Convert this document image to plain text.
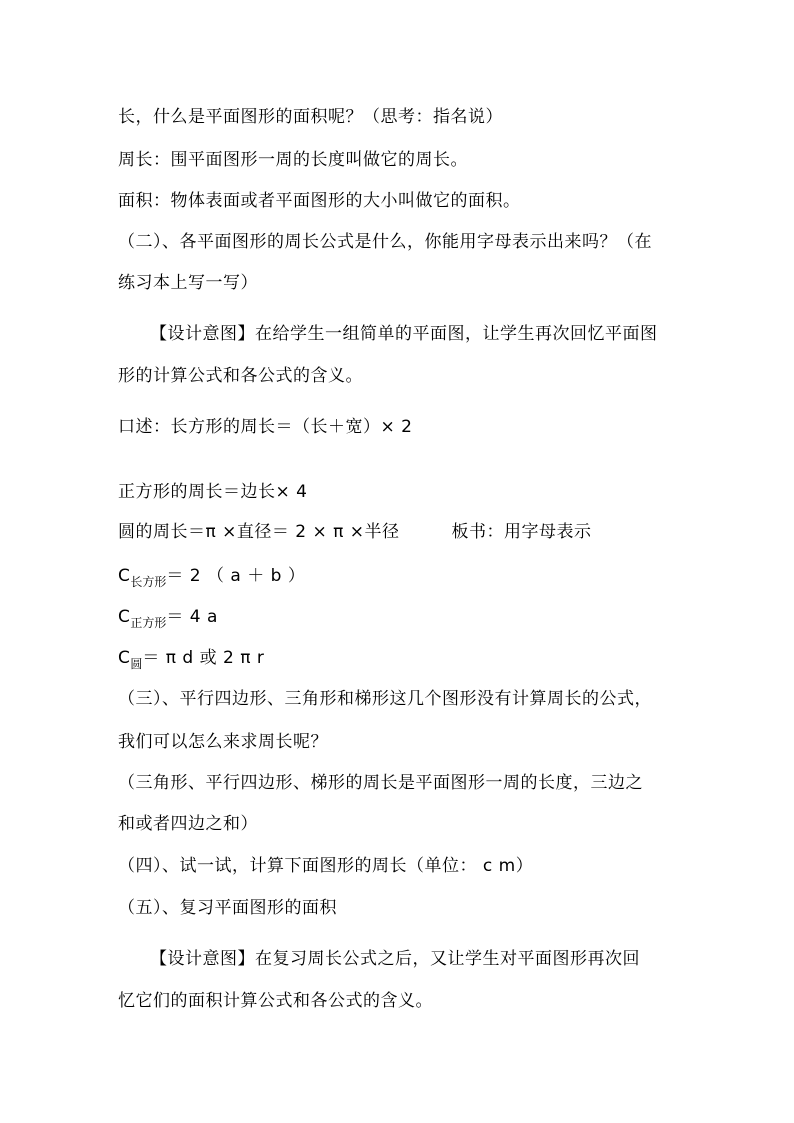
长，什么是平面图形的面积呢？（思考：指名说）
周长：围平面图形一周的长度叫做它的周长。
面积：物体表面或者平面图形的大小叫做它的面积。
（二）、各平面图形的周长公式是什么，你能用字母表示出来吗？（在
练习本上写一写）
【设计意图】在给学生一组简单的平面图，让学生再次回忆平面图
形的计算公式和各公式的含义。
口述：长方形的周长＝（长＋宽）× 2
正方形的周长＝边长× 4
圆的周长＝π ×直径＝ 2 × π ×半径	板书：用字母表示
$C_{长方形}= 2$ （ a ＋ b ）
$C_{正方形}= 4$ a
$C_圆= \pi$ d 或 2 π r
（三）、平行四边形、三角形和梯形这几个图形没有计算周长的公式，
我们可以怎么来求周长呢？
（三角形、平行四边形、梯形的周长是平面图形一周的长度，三边之
和或者四边之和）
（四）、试一试，计算下面图形的周长（单位： c m）
（五）、复习平面图形的面积
【设计意图】在复习周长公式之后，又让学生对平面图形再次回
忆它们的面积计算公式和各公式的含义。
